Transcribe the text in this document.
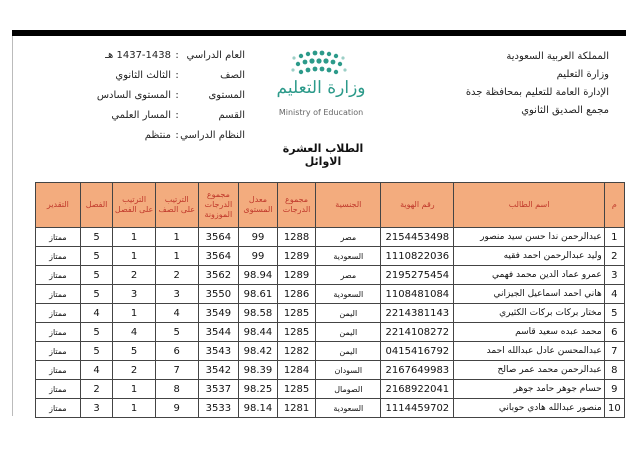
المملكة العربية السعودية
وزارة التعليم
الإدارة العامة للتعليم بمحافظة جدة
مجمع الصديق الثانوي
وزارة التعليم
Ministry of Education
العام الدراسي
:
1437-1438 هـ
الصف
:
الثالث الثانوي
المستوى
:
المستوى السادس
القسم
:
المسار العلمي
النظام الدراسي
:
منتظم
الطلاب العشرة الاوائل
م	اسم الطالب	رقم الهوية	الجنسية	مجموع الدرجات	معدل المستوى	مجموع الدرجات الموزونة	الترتيب على الصف	الترتيب على الفصل	الفصل	التقدير
1	عبدالرحمن ندا حسن سيد منصور	2154453498	مصر	1288	99	3564	1	1	5	ممتاز
2	وليد عبدالرحمن احمد فقيه	1110822036	السعودية	1289	99	3564	1	1	5	ممتاز
3	عمرو عماد الدين محمد فهمي	2195275454	مصر	1289	98.94	3562	2	2	5	ممتاز
4	هاني احمد اسماعيل الجيزاني	1108481084	السعودية	1286	98.61	3550	3	3	5	ممتاز
5	مختار بركات بركات الكثيري	2214381143	اليمن	1285	98.58	3549	4	1	4	ممتاز
6	محمد عبده سعيد قاسم	2214108272	اليمن	1285	98.44	3544	5	4	5	ممتاز
7	عبدالمحسن عادل عبدالله احمد	0415416792	اليمن	1282	98.42	3543	6	5	5	ممتاز
8	عبدالرحمن محمد عمر صالح	2167649983	السودان	1284	98.39	3542	7	2	4	ممتاز
9	حسام جوهر حامد جوهر	2168922041	الصومال	1285	98.25	3537	8	1	2	ممتاز
10	منصور عبدالله هادي حوباني	1114459702	السعودية	1281	98.14	3533	9	1	3	ممتاز
